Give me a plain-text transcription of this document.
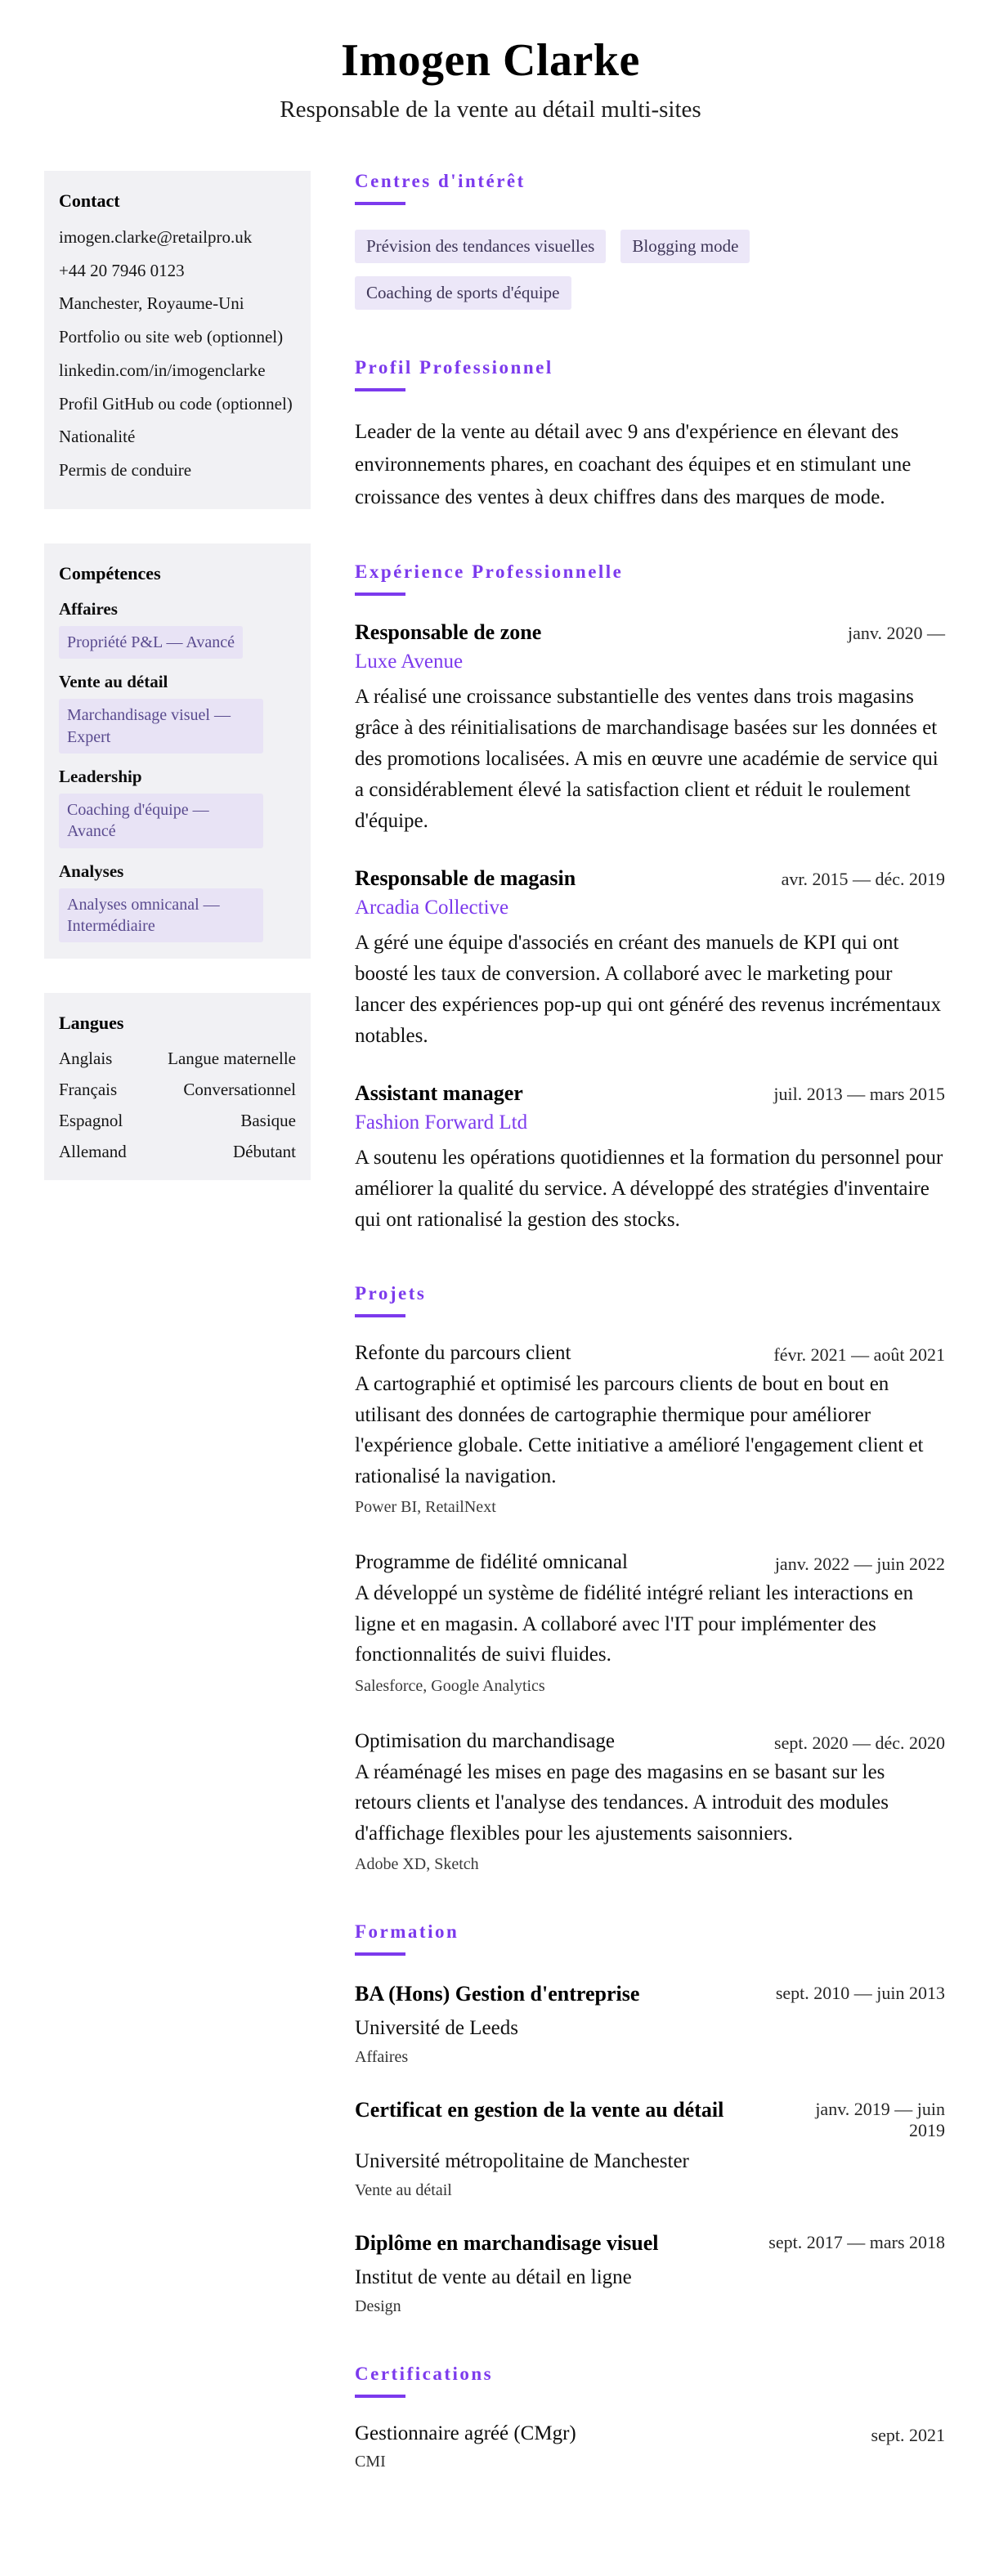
Imogen Clarke
Responsable de la vente au détail multi-sites
Contact
imogen.clarke@retailpro.uk
+44 20 7946 0123
Manchester, Royaume-Uni
Portfolio ou site web (optionnel)
linkedin.com/in/imogenclarke
Profil GitHub ou code (optionnel)
Nationalité
Permis de conduire
Compétences
Affaires
Propriété P&L — Avancé
Vente au détail
Marchandisage visuel — Expert
Leadership
Coaching d'équipe — Avancé
Analyses
Analyses omnicanal — Intermédiaire
Langues
Anglais	Langue maternelle
Français	Conversationnel
Espagnol	Basique
Allemand	Débutant
Centres d'intérêt
Prévision des tendances visuelles	Blogging mode
Coaching de sports d'équipe
Profil Professionnel

Leader de la vente au détail avec 9 ans d'expérience en élevant des environnements phares, en coachant des équipes et en stimulant une croissance des ventes à deux chiffres dans des marques de mode.

Expérience Professionnelle
Responsable de zone	janv. 2020 —
Luxe Avenue

A réalisé une croissance substantielle des ventes dans trois magasins grâce à des réinitialisations de marchandisage basées sur les données et des promotions localisées. A mis en œuvre une académie de service qui a considérablement élevé la satisfaction client et réduit le roulement d'équipe.

Responsable de magasin	avr. 2015 — déc. 2019
Arcadia Collective

A géré une équipe d'associés en créant des manuels de KPI qui ont boosté les taux de conversion. A collaboré avec le marketing pour lancer des expériences pop-up qui ont généré des revenus incrémentaux notables.

Assistant manager	juil. 2013 — mars 2015
Fashion Forward Ltd

A soutenu les opérations quotidiennes et la formation du personnel pour améliorer la qualité du service. A développé des stratégies d'inventaire qui ont rationalisé la gestion des stocks.

Projets
Refonte du parcours client	févr. 2021 — août 2021

A cartographié et optimisé les parcours clients de bout en bout en utilisant des données de cartographie thermique pour améliorer l'expérience globale. Cette initiative a amélioré l'engagement client et rationalisé la navigation.

Power BI, RetailNext
Programme de fidélité omnicanal	janv. 2022 — juin 2022

A développé un système de fidélité intégré reliant les interactions en ligne et en magasin. A collaboré avec l'IT pour implémenter des fonctionnalités de suivi fluides.

Salesforce, Google Analytics
Optimisation du marchandisage	sept. 2020 — déc. 2020

A réaménagé les mises en page des magasins en se basant sur les retours clients et l'analyse des tendances. A introduit des modules d'affichage flexibles pour les ajustements saisonniers.

Adobe XD, Sketch
Formation
BA (Hons) Gestion d'entreprise	sept. 2010 — juin 2013
Université de Leeds
Affaires
Certificat en gestion de la vente au détail	janv. 2019 — juin 2019
Université métropolitaine de Manchester
Vente au détail
Diplôme en marchandisage visuel	sept. 2017 — mars 2018
Institut de vente au détail en ligne
Design
Certifications
Gestionnaire agréé (CMgr)	sept. 2021
CMI
